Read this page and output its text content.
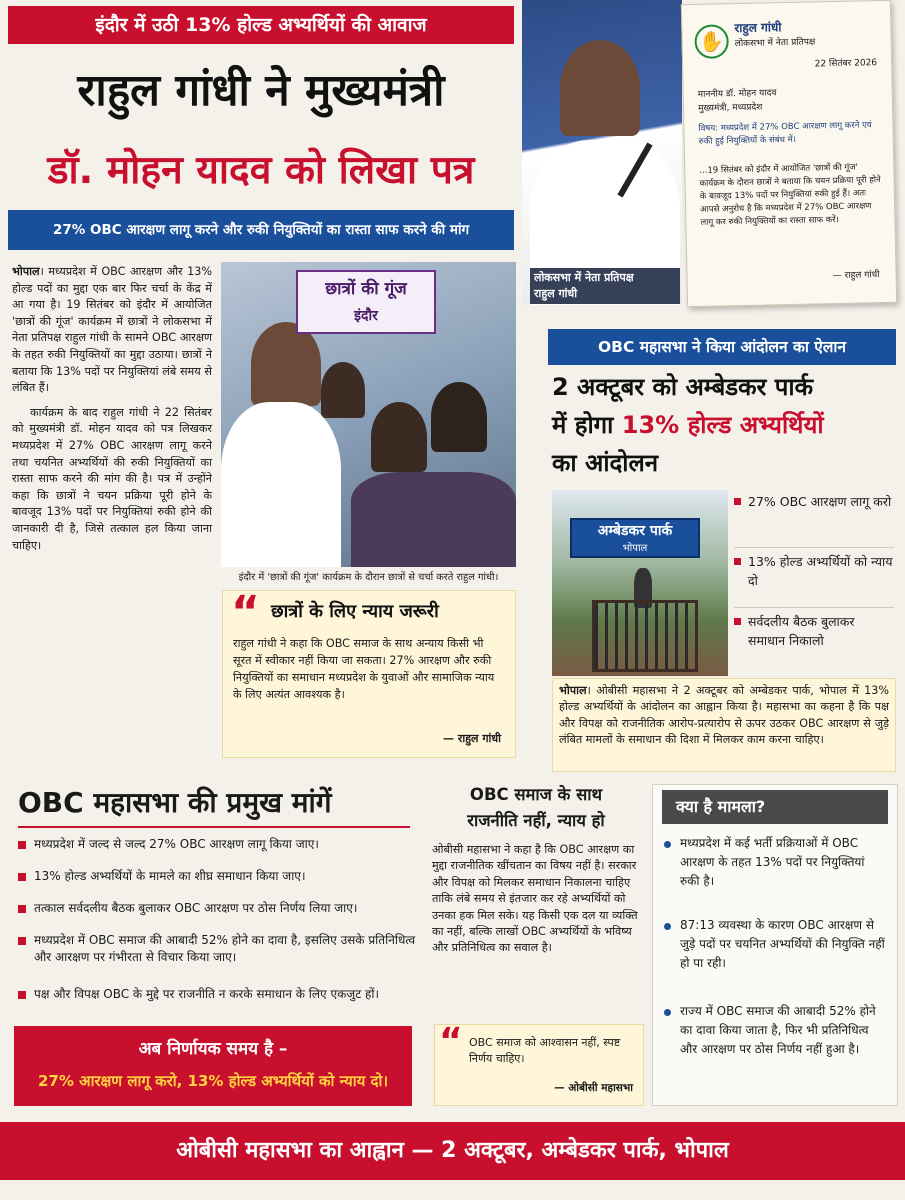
इंदौर में उठी 13% होल्ड अभ्यर्थियों की आवाज
राहुल गांधी ने मुख्यमंत्री
डॉ. मोहन यादव को लिखा पत्र
27% OBC आरक्षण लागू करने और रुकी नियुक्तियों का रास्ता साफ करने की मांग
लोकसभा में नेता प्रतिपक्ष
राहुल गांधी
✋
राहुल गांधी
लोकसभा में नेता प्रतिपक्ष
22 सितंबर 2026
माननीय डॉ. मोहन यादव
मुख्यमंत्री, मध्यप्रदेश
विषय: मध्यप्रदेश में 27% OBC आरक्षण लागू करने एवं रुकी हुई नियुक्तियों के संबंध में।
...19 सितंबर को इंदौर में आयोजित 'छात्रों की गूंज' कार्यक्रम के दौरान छात्रों ने बताया कि चयन प्रक्रिया पूरी होने के बावजूद 13% पदों पर नियुक्तियां रुकी हुई हैं। अतः आपसे अनुरोध है कि मध्यप्रदेश में 27% OBC आरक्षण लागू कर रुकी नियुक्तियों का रास्ता साफ करें।
— राहुल गांधी

भोपाल। मध्यप्रदेश में OBC आरक्षण और 13% होल्ड पदों का मुद्दा एक बार फिर चर्चा के केंद्र में आ गया है। 19 सितंबर को इंदौर में आयोजित 'छात्रों की गूंज' कार्यक्रम में छात्रों ने लोकसभा में नेता प्रतिपक्ष राहुल गांधी के सामने OBC आरक्षण के तहत रुकी नियुक्तियों का मुद्दा उठाया। छात्रों ने बताया कि 13% पदों पर नियुक्तियां लंबे समय से लंबित हैं।

कार्यक्रम के बाद राहुल गांधी ने 22 सितंबर को मुख्यमंत्री डॉ. मोहन यादव को पत्र लिखकर मध्यप्रदेश में 27% OBC आरक्षण लागू करने तथा चयनित अभ्यर्थियों की रुकी नियुक्तियों का रास्ता साफ करने की मांग की है। पत्र में उन्होंने कहा कि छात्रों ने चयन प्रक्रिया पूरी होने के बावजूद 13% पदों पर नियुक्तियां रुकी होने की जानकारी दी है, जिसे तत्काल हल किया जाना चाहिए।

छात्रों की गूंज
इंदौर
इंदौर में 'छात्रों की गूंज' कार्यक्रम के दौरान छात्रों से चर्चा करते राहुल गांधी।
“ छात्रों के लिए न्याय जरूरी
राहुल गांधी ने कहा कि OBC समाज के साथ अन्याय किसी भी सूरत में स्वीकार नहीं किया जा सकता। 27% आरक्षण और रुकी नियुक्तियों का समाधान मध्यप्रदेश के युवाओं और सामाजिक न्याय के लिए अत्यंत आवश्यक है।
— राहुल गांधी
OBC महासभा ने किया आंदोलन का ऐलान
2 अक्टूबर को अम्बेडकर पार्क
में होगा 13% होल्ड अभ्यर्थियों
का आंदोलन
अम्बेडकर पार्क
भोपाल
27% OBC आरक्षण लागू करो
13% होल्ड अभ्यर्थियों को न्याय दो
सर्वदलीय बैठक बुलाकर समाधान निकालो
भोपाल। ओबीसी महासभा ने 2 अक्टूबर को अम्बेडकर पार्क, भोपाल में 13% होल्ड अभ्यर्थियों के आंदोलन का आह्वान किया है। महासभा का कहना है कि पक्ष और विपक्ष को राजनीतिक आरोप-प्रत्यारोप से ऊपर उठकर OBC आरक्षण से जुड़े लंबित मामलों के समाधान की दिशा में मिलकर काम करना चाहिए।
OBC महासभा की प्रमुख मांगें
मध्यप्रदेश में जल्द से जल्द 27% OBC आरक्षण लागू किया जाए।
13% होल्ड अभ्यर्थियों के मामले का शीघ्र समाधान किया जाए।
तत्काल सर्वदलीय बैठक बुलाकर OBC आरक्षण पर ठोस निर्णय लिया जाए।
मध्यप्रदेश में OBC समाज की आबादी 52% होने का दावा है, इसलिए उसके प्रतिनिधित्व और आरक्षण पर गंभीरता से विचार किया जाए।
पक्ष और विपक्ष OBC के मुद्दे पर राजनीति न करके समाधान के लिए एकजुट हों।
अब निर्णायक समय है –
27% आरक्षण लागू करो, 13% होल्ड अभ्यर्थियों को न्याय दो।
OBC समाज के साथ
राजनीति नहीं, न्याय हो
ओबीसी महासभा ने कहा है कि OBC आरक्षण का मुद्दा राजनीतिक खींचतान का विषय नहीं है। सरकार और विपक्ष को मिलकर समाधान निकालना चाहिए ताकि लंबे समय से इंतजार कर रहे अभ्यर्थियों को उनका हक मिल सके। यह किसी एक दल या व्यक्ति का नहीं, बल्कि लाखों OBC अभ्यर्थियों के भविष्य और प्रतिनिधित्व का सवाल है।
“ OBC समाज को आश्वासन नहीं, स्पष्ट निर्णय चाहिए।
— ओबीसी महासभा
क्या है मामला?
मध्यप्रदेश में कई भर्ती प्रक्रियाओं में OBC आरक्षण के तहत 13% पदों पर नियुक्तियां रुकी है।
87:13 व्यवस्था के कारण OBC आरक्षण से जुड़े पदों पर चयनित अभ्यर्थियों की नियुक्ति नहीं हो पा रही।
राज्य में OBC समाज की आबादी 52% होने का दावा किया जाता है, फिर भी प्रतिनिधित्व और आरक्षण पर ठोस निर्णय नहीं हुआ है।
ओबीसी महासभा का आह्वान — 2 अक्टूबर, अम्बेडकर पार्क, भोपाल
